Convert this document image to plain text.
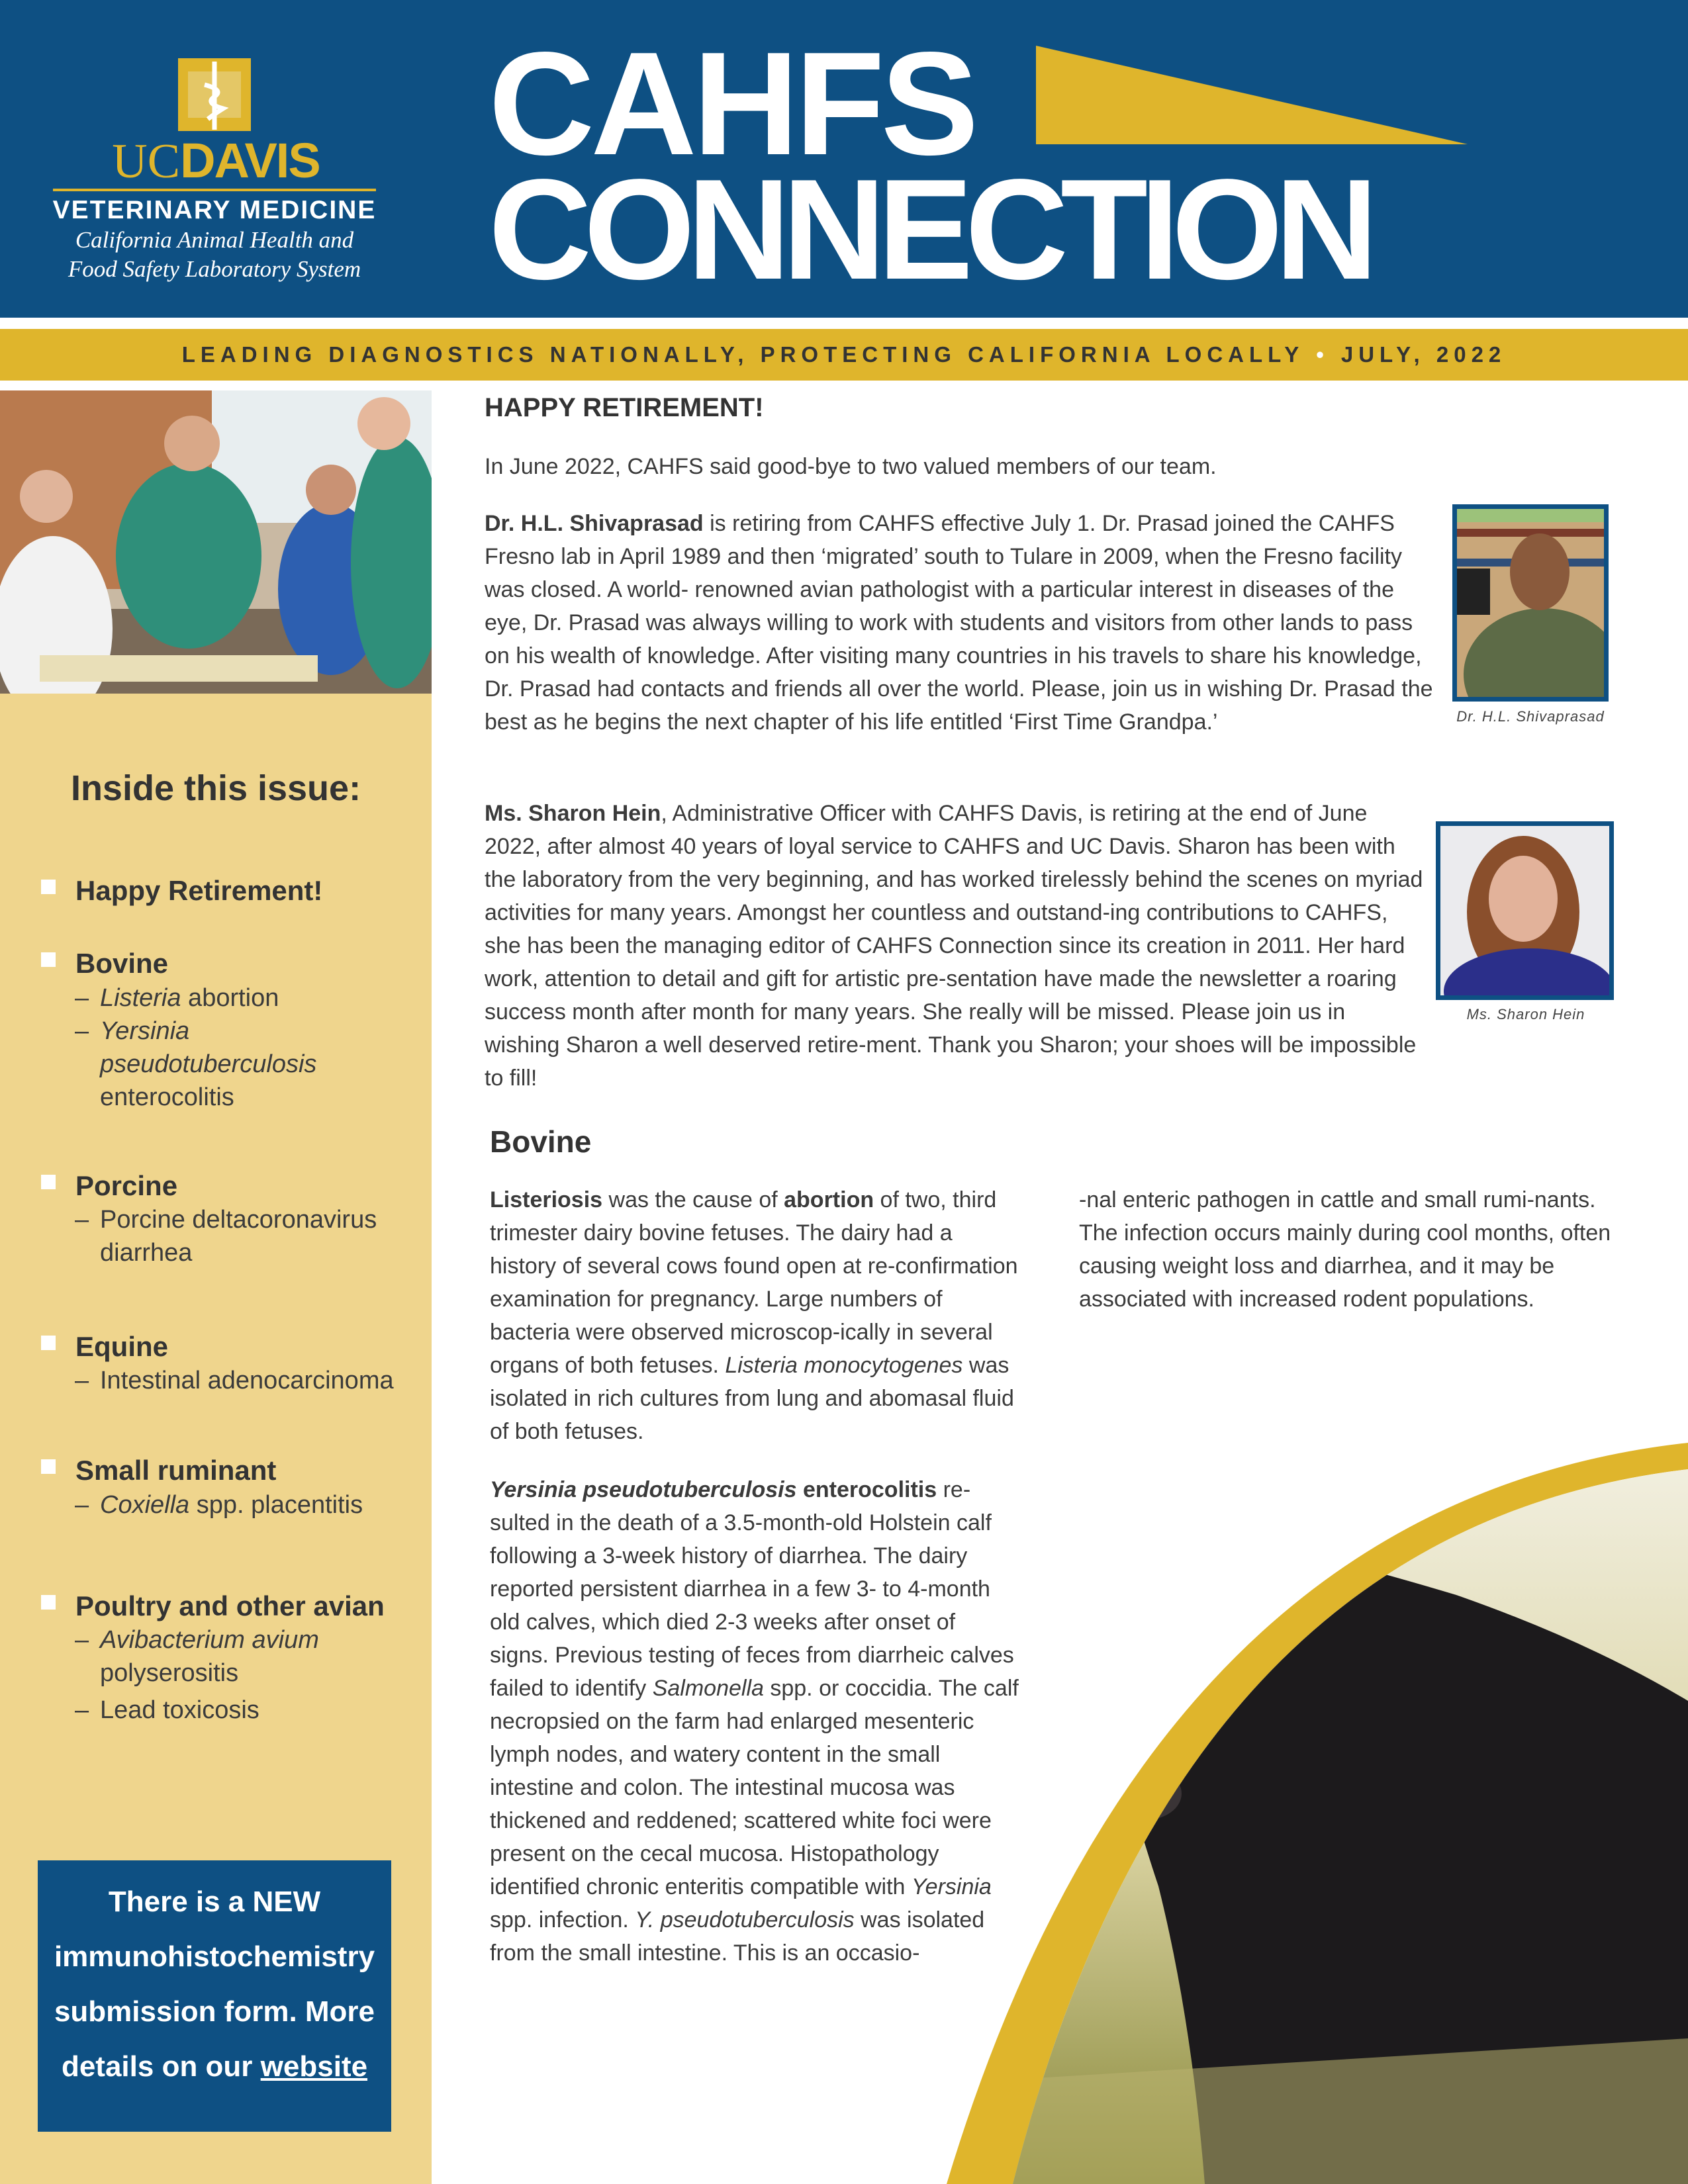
UCDAVIS
VETERINARY MEDICINE
California Animal Health and
Food Safety Laboratory System
CAHFS
CONNECTION
LEADING DIAGNOSTICS NATIONALLY, PROTECTING CALIFORNIA LOCALLY • JULY, 2022
Inside this issue:
Happy Retirement!
Bovine
– Listeria abortion
– Yersinia pseudotuberculosis enterocolitis
Porcine
– Porcine deltacoronavirus diarrhea
Equine
– Intestinal adenocarcinoma
Small ruminant
– Coxiella spp. placentitis
Poultry and other avian
– Avibacterium avium polyserositis
– Lead toxicosis
There is a NEW immunohistochemistry submission form. More details on our website
HAPPY RETIREMENT!
In June 2022, CAHFS said good-bye to two valued members of our team.
Dr. H.L. Shivaprasad is retiring from CAHFS effective July 1. Dr. Prasad joined the CAHFS Fresno lab in April 1989 and then ‘migrated’ south to Tulare in 2009, when the Fresno facility was closed. A world- renowned avian pathologist with a particular interest in diseases of the eye, Dr. Prasad was always willing to work with students and visitors from other lands to pass on his wealth of knowledge. After visiting many countries in his travels to share his knowledge, Dr. Prasad had contacts and friends all over the world. Please, join us in wishing Dr. Prasad the best as he begins the next chapter of his life entitled ‘First Time Grandpa.’	Dr. H.L. Shivaprasad
Ms. Sharon Hein, Administrative Officer with CAHFS Davis, is retiring at the end of June 2022, after almost 40 years of loyal service to CAHFS and UC Davis. Sharon has been with the laboratory from the very beginning, and has worked tirelessly behind the scenes on myriad activities for many years. Amongst her countless and outstand-ing contributions to CAHFS, she has been the managing editor of CAHFS Connection since its creation in 2011. Her hard work, attention to detail and gift for artistic pre-sentation have made the newsletter a roaring success month after month for many years. She really will be missed. Please join us in wishing Sharon a well deserved retire-ment. Thank you Sharon; your shoes will be impossible to fill!
Ms. Sharon Hein
Bovine
Listeriosis was the cause of abortion of two, third trimester dairy bovine fetuses. The dairy had a history of several cows found open at re-confirmation examination for pregnancy. Large numbers of bacteria were observed microscop-ically in several organs of both fetuses. Listeria monocytogenes was isolated in rich cultures from lung and abomasal fluid of both fetuses.
Yersinia pseudotuberculosis enterocolitis re-sulted in the death of a 3.5-month-old Holstein calf following a 3-week history of diarrhea. The dairy reported persistent diarrhea in a few 3- to 4-month old calves, which died 2-3 weeks after onset of signs. Previous testing of feces from diarrheic calves failed to identify Salmonella spp. or coccidia. The calf necropsied on the farm had enlarged mesenteric lymph nodes, and watery content in the small intestine and colon. The intestinal mucosa was thickened and reddened; scattered white foci were present on the cecal mucosa. Histopathology identified chronic enteritis compatible with Yersinia spp. infection. Y. pseudotuberculosis was isolated from the small intestine. This is an occasio-
-nal enteric pathogen in cattle and small rumi-nants. The infection occurs mainly during cool months, often causing weight loss and diarrhea, and it may be associated with increased rodent populations.
